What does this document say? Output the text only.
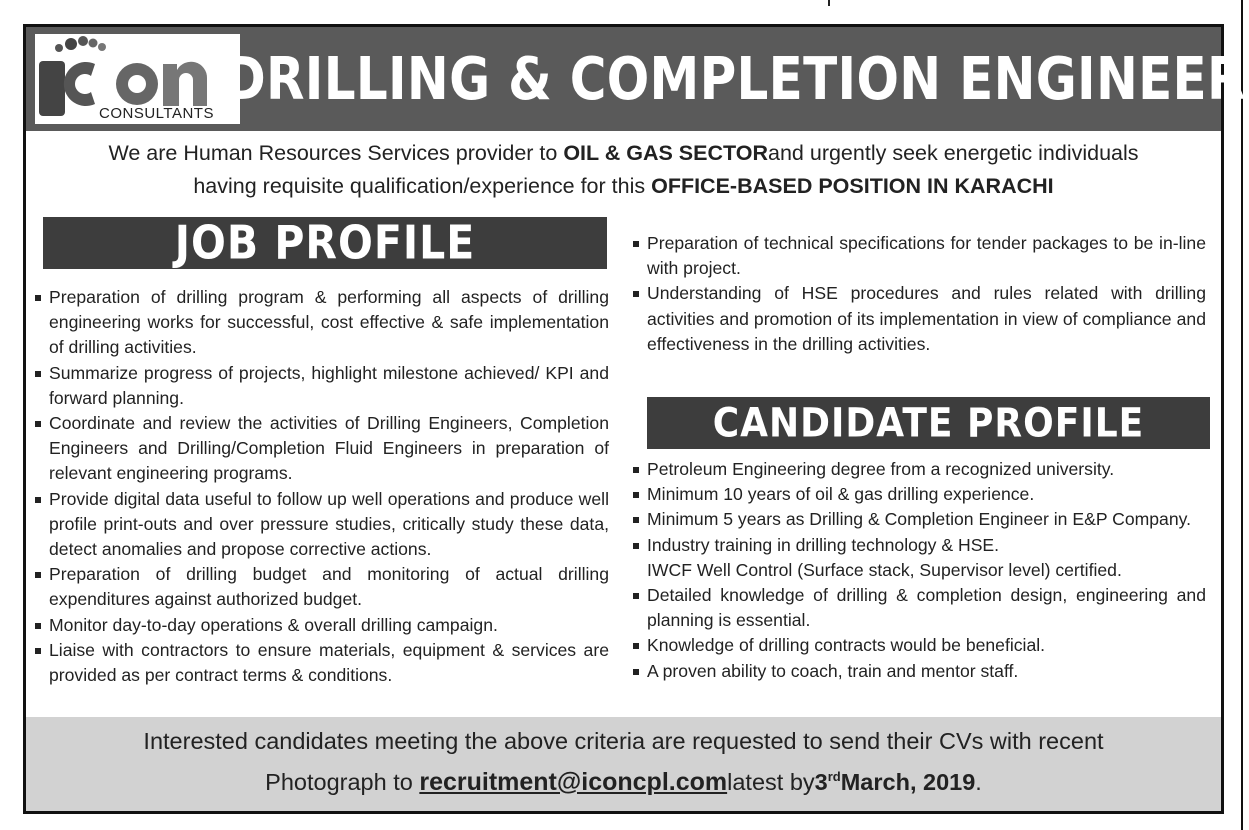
CONSULTANTS
DRILLING & COMPLETION ENGINEER
We are Human Resources Services provider to OIL & GAS SECTORand urgently seek energetic individuals
having requisite qualification/experience for this OFFICE-BASED POSITION IN KARACHI
JOB PROFILE
Preparation of drilling program & performing all aspects of drilling engineering works for successful, cost effective & safe implementation of drilling activities.
Summarize progress of projects, highlight milestone achieved/ KPI and forward planning.
Coordinate and review the activities of Drilling Engineers, Completion Engineers and Drilling/Completion Fluid Engineers in preparation of relevant engineering programs.
Provide digital data useful to follow up well operations and produce well profile print-outs and over pressure studies, critically study these data, detect anomalies and propose corrective actions.
Preparation of drilling budget and monitoring of actual drilling expenditures against authorized budget.
Monitor day-to-day operations & overall drilling campaign.
Liaise with contractors to ensure materials, equipment & services are provided as per contract terms & conditions.
Preparation of technical specifications for tender packages to be in-line with project.
Understanding of HSE procedures and rules related with drilling activities and promotion of its implementation in view of compliance and effectiveness in the drilling activities.
CANDIDATE PROFILE
Petroleum Engineering degree from a recognized university.
Minimum 10 years of oil & gas drilling experience.
Minimum 5 years as Drilling & Completion Engineer in E&P Company.
Industry training in drilling technology & HSE.
IWCF Well Control (Surface stack, Supervisor level) certified.
Detailed knowledge of drilling & completion design, engineering and planning is essential.
Knowledge of drilling contracts would be beneficial.
A proven ability to coach, train and mentor staff.
Interested candidates meeting the above criteria are requested to send their CVs with recent
Photograph to recruitment@iconcpl.comlatest by3rdMarch, 2019.
